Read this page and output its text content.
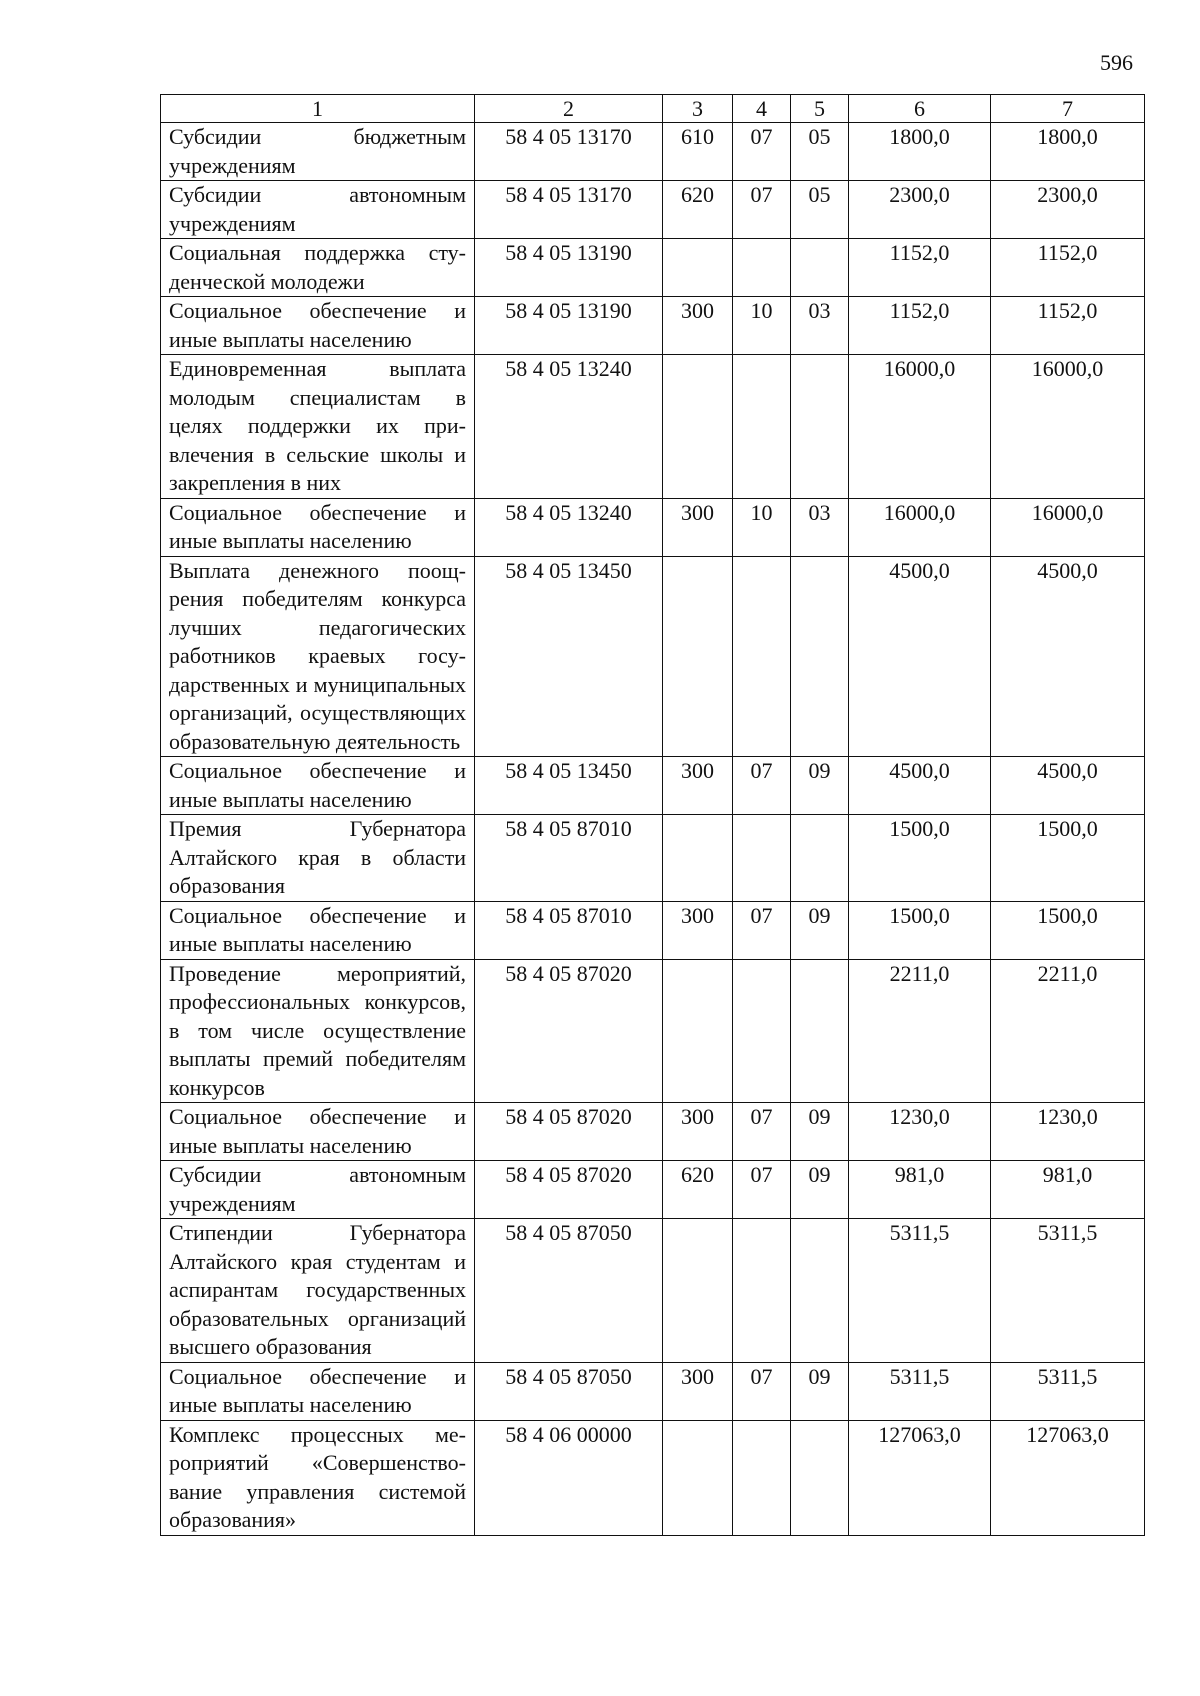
596
1	2	3	4	5	6	7
Субсидии бюджетным учреждениям	58 4 05 13170	610	07	05	1800,0	1800,0
Субсидии автономным учреждениям	58 4 05 13170	620	07	05	2300,0	2300,0
Социальная поддержка студенческой молодежи	58 4 05 13190				1152,0	1152,0
Социальное обеспечение и иные выплаты населению	58 4 05 13190	300	10	03	1152,0	1152,0
Единовременная выплата молодым специалистам в целях поддержки их привлечения в сельские школы и закрепления в них	58 4 05 13240				16000,0	16000,0
Социальное обеспечение и иные выплаты населению	58 4 05 13240	300	10	03	16000,0	16000,0
Выплата денежного поощрения победителям конкурса лучших педагогических работников краевых государственных и муниципальных организаций, осуществляющих образовательную деятельность	58 4 05 13450				4500,0	4500,0
Социальное обеспечение и иные выплаты населению	58 4 05 13450	300	07	09	4500,0	4500,0
Премия Губернатора Алтайского края в области образования	58 4 05 87010				1500,0	1500,0
Социальное обеспечение и иные выплаты населению	58 4 05 87010	300	07	09	1500,0	1500,0
Проведение мероприятий, профессиональных конкурсов, в том числе осуществление выплаты премий победителям конкурсов	58 4 05 87020				2211,0	2211,0
Социальное обеспечение и иные выплаты населению	58 4 05 87020	300	07	09	1230,0	1230,0
Субсидии автономным учреждениям	58 4 05 87020	620	07	09	981,0	981,0
Стипендии Губернатора Алтайского края студентам и аспирантам государственных образовательных организаций высшего образования	58 4 05 87050				5311,5	5311,5
Социальное обеспечение и иные выплаты населению	58 4 05 87050	300	07	09	5311,5	5311,5
Комплекс процессных мероприятий «Совершенствование управления системой образования»	58 4 06 00000				127063,0	127063,0
